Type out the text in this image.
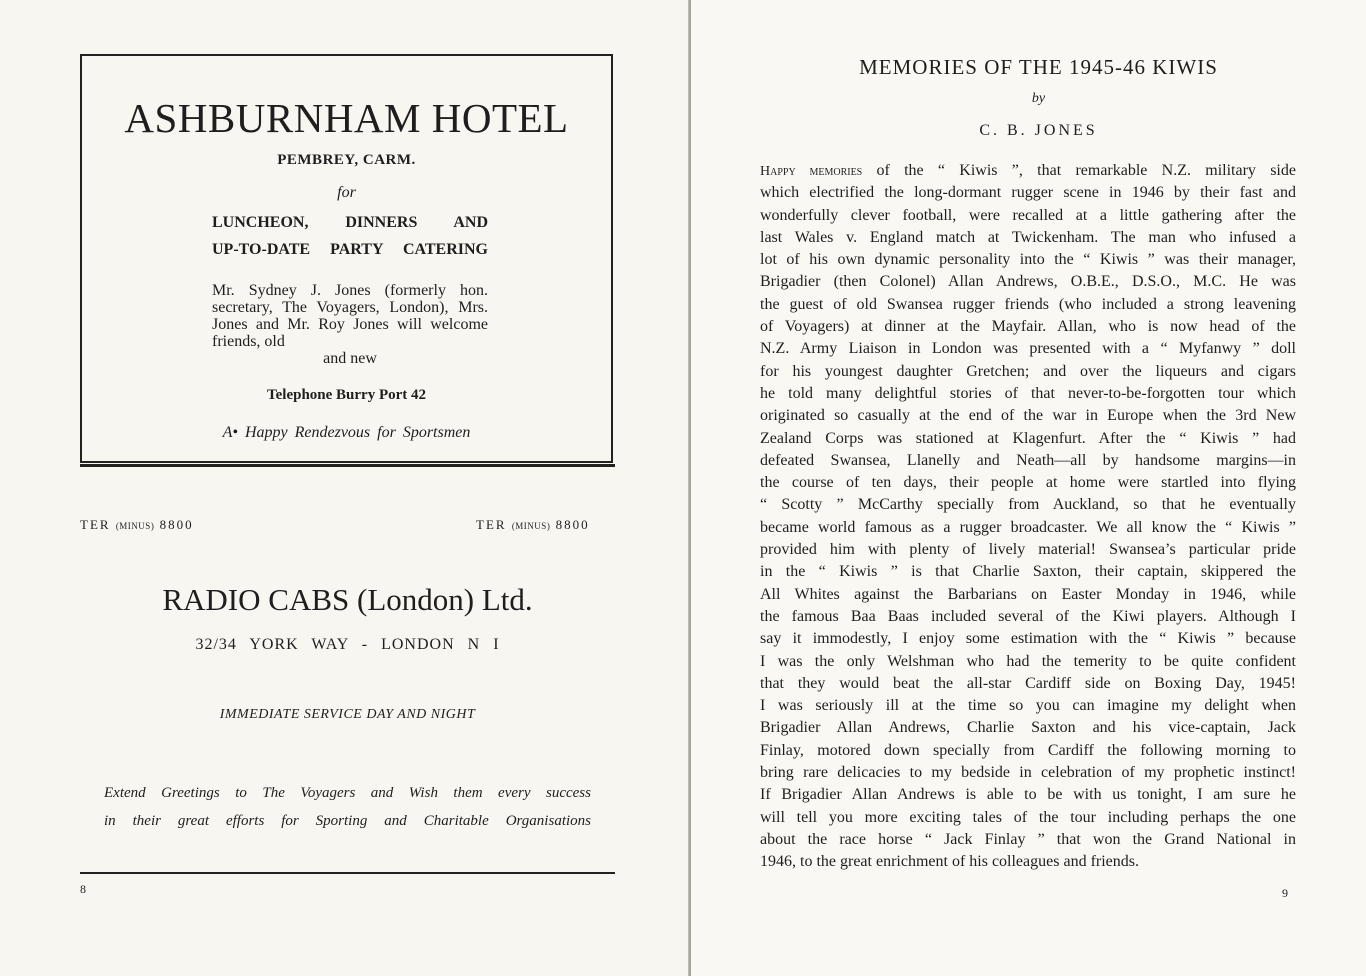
ASHBURNHAM HOTEL
PEMBREY, CARM.
for
LUNCHEON, DINNERS AND
UP-TO-DATE PARTY CATERING
Mr. Sydney J. Jones (formerly hon. secretary, The Voyagers, London), Mrs. Jones and Mr. Roy Jones will welcome friends, old
and new
Telephone Burry Port 42
A• Happy Rendezvous for Sportsmen
TER (MINUS) 8800	TER (MINUS) 8800
RADIO CABS (London) Ltd.
32/34 YORK WAY - LONDON N I
IMMEDIATE SERVICE DAY AND NIGHT
Extend Greetings to The Voyagers and Wish them every success
in their great efforts for Sporting and Charitable Organisations
8
MEMORIES OF THE 1945-46 KIWIS
by
C. B. JONES
Happy memories of the “ Kiwis ”, that remarkable N.Z. military side
which electrified the long-dormant rugger scene in 1946 by their fast and
wonderfully clever football, were recalled at a little gathering after the
last Wales v. England match at Twickenham. The man who infused a
lot of his own dynamic personality into the “ Kiwis ” was their manager,
Brigadier (then Colonel) Allan Andrews, O.B.E., D.S.O., M.C. He was
the guest of old Swansea rugger friends (who included a strong leavening
of Voyagers) at dinner at the Mayfair. Allan, who is now head of the
N.Z. Army Liaison in London was presented with a “ Myfanwy ” doll
for his youngest daughter Gretchen; and over the liqueurs and cigars
he told many delightful stories of that never-to-be-forgotten tour which
originated so casually at the end of the war in Europe when the 3rd New
Zealand Corps was stationed at Klagenfurt. After the “ Kiwis ” had
defeated Swansea, Llanelly and Neath—all by handsome margins—in
the course of ten days, their people at home were startled into flying
“ Scotty ” McCarthy specially from Auckland, so that he eventually
became world famous as a rugger broadcaster. We all know the “ Kiwis ”
provided him with plenty of lively material! Swansea’s particular pride
in the “ Kiwis ” is that Charlie Saxton, their captain, skippered the
All Whites against the Barbarians on Easter Monday in 1946, while
the famous Baa Baas included several of the Kiwi players. Although I
say it immodestly, I enjoy some estimation with the “ Kiwis ” because
I was the only Welshman who had the temerity to be quite confident
that they would beat the all-star Cardiff side on Boxing Day, 1945!
I was seriously ill at the time so you can imagine my delight when
Brigadier Allan Andrews, Charlie Saxton and his vice-captain, Jack
Finlay, motored down specially from Cardiff the following morning to
bring rare delicacies to my bedside in celebration of my prophetic instinct!
If Brigadier Allan Andrews is able to be with us tonight, I am sure he
will tell you more exciting tales of the tour including perhaps the one
about the race horse “ Jack Finlay ” that won the Grand National in
1946, to the great enrichment of his colleagues and friends.
9
